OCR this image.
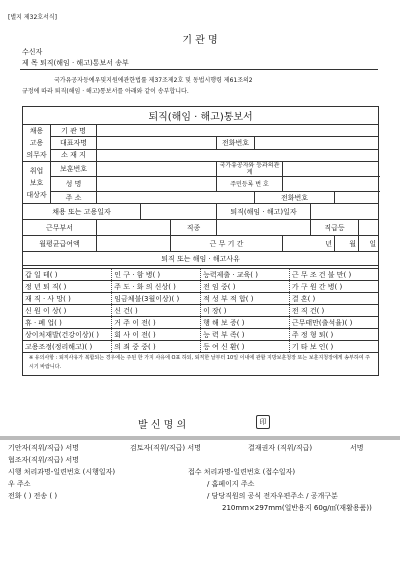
[별지 제32호서식]
기 관 명
수신자
제 목 퇴직(해임 · 해고)통보서 송부
국가유공자등예우및지원에관한법률 제37조제2호 및 동법시행령 제61조의2
규정에 따라 퇴직(해임 · 해고)통보서를 아래와 같이 송부합니다.
퇴직(해임 · 해고)통보서
채용 고용 의무자	기 관 명	
대표자명		전화번호	
소 재 지	
취업 보호 대상자	보훈번호		국가유공자와 등과의관계	
성 명		주민등록 번 호	
주 소		전화번호	
채용 또는 고용일자		퇴직(해임 · 해고)일자	
근무부서		직종		직급등	
월평균급여액		근 무 기 간	년	월	일
퇴직 또는 해임 · 해고사유

갑 일 테( )	인 구 · 함 병( )	능력제출 · 교육( )	근 무 조 건 불 만( )
정 년 퇴 직( )	주 도 · 화 의 신상( )	전 임 중( )	가 구 원 간 병( )
재 직 · 사 망( )	임금체불(3월이상)( )	적 성 부 적 합( )	결 혼( )
신 원 이 상( )	신 건( )	이 장( )	전 직 건( )
휴 · 폐 업( )	거 주 이 전( )	행 해 보 증( )	근무태만(출석율)( )
상이처재발(건강이상)( )	회 사 이 전( )	능 력 부 족( )	주 정 형 퇴( )
고용조정(정리해고)( )	의 죄 중 중( )	등 여 신 환( )	기 타 보 인( )

※ 유의사항 : 퇴직사유가 복합되는 경우에는 주된 한 가지 사유에 O표 하되, 퇴직한 날부터 10일 이내에 관할 지방보훈청장 또는 보훈지청장에게 송부하여 주시기 바랍니다.
발 신 명 의	印
기안자(직위/직급) 서명	검토자(직위/직급) 서명	결재권자 (직위/직급)	서명
협조자(직위/직급) 서명
시행 처리과명-일련번호 (시행일자)	접수 처리과명-일련번호 (접수일자)
우 주소	/ 홈페이지 주소
전화 ( ) 전송 ( )	/ 담당직원의 공식 전자우편주소 / 공개구분
210mm×297mm(일반용지 60g/㎡(재활용품))
